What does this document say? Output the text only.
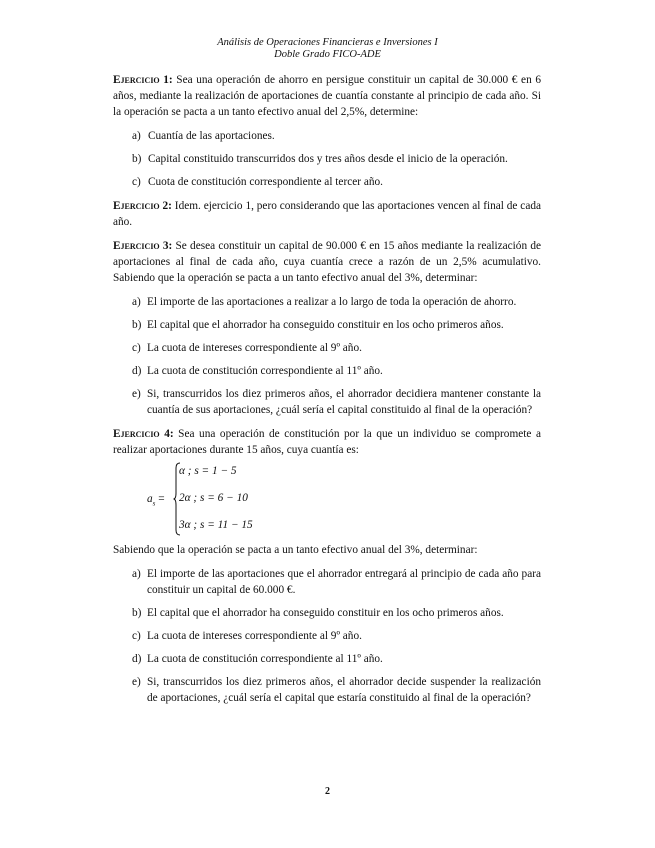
Análisis de Operaciones Financieras e Inversiones I
Doble Grado FICO-ADE

Ejercicio 1: Sea una operación de ahorro en persigue constituir un capital de 30.000 € en 6 años, mediante la realización de aportaciones de cuantía constante al principio de cada año. Si la operación se pacta a un tanto efectivo anual del 2,5%, determine:

a) Cuantía de las aportaciones.
b) Capital constituido transcurridos dos y tres años desde el inicio de la operación.
c) Cuota de constitución correspondiente al tercer año.

Ejercicio 2: Idem. ejercicio 1, pero considerando que las aportaciones vencen al final de cada año.

Ejercicio 3: Se desea constituir un capital de 90.000 € en 15 años mediante la realización de aportaciones al final de cada año, cuya cuantía crece a razón de un 2,5% acumulativo. Sabiendo que la operación se pacta a un tanto efectivo anual del 3%, determinar:

a) El importe de las aportaciones a realizar a lo largo de toda la operación de ahorro.
b) El capital que el ahorrador ha conseguido constituir en los ocho primeros años.
c) La cuota de intereses correspondiente al 9º año.
d) La cuota de constitución correspondiente al 11º año.
e) Si, transcurridos los diez primeros años, el ahorrador decidiera mantener constante la cuantía de sus aportaciones, ¿cuál sería el capital constituido al final de la operación?

Ejercicio 4: Sea una operación de constitución por la que un individuo se compromete a realizar aportaciones durante 15 años, cuya cuantía es:

$a_s$ =
α ; s = 1 − 5
2α ; s = 6 − 10
3α ; s = 11 − 15

Sabiendo que la operación se pacta a un tanto efectivo anual del 3%, determinar:

a) El importe de las aportaciones que el ahorrador entregará al principio de cada año para constituir un capital de 60.000 €.
b) El capital que el ahorrador ha conseguido constituir en los ocho primeros años.
c) La cuota de intereses correspondiente al 9º año.
d) La cuota de constitución correspondiente al 11º año.
e) Si, transcurridos los diez primeros años, el ahorrador decide suspender la realización de aportaciones, ¿cuál sería el capital que estaría constituido al final de la operación?
2
